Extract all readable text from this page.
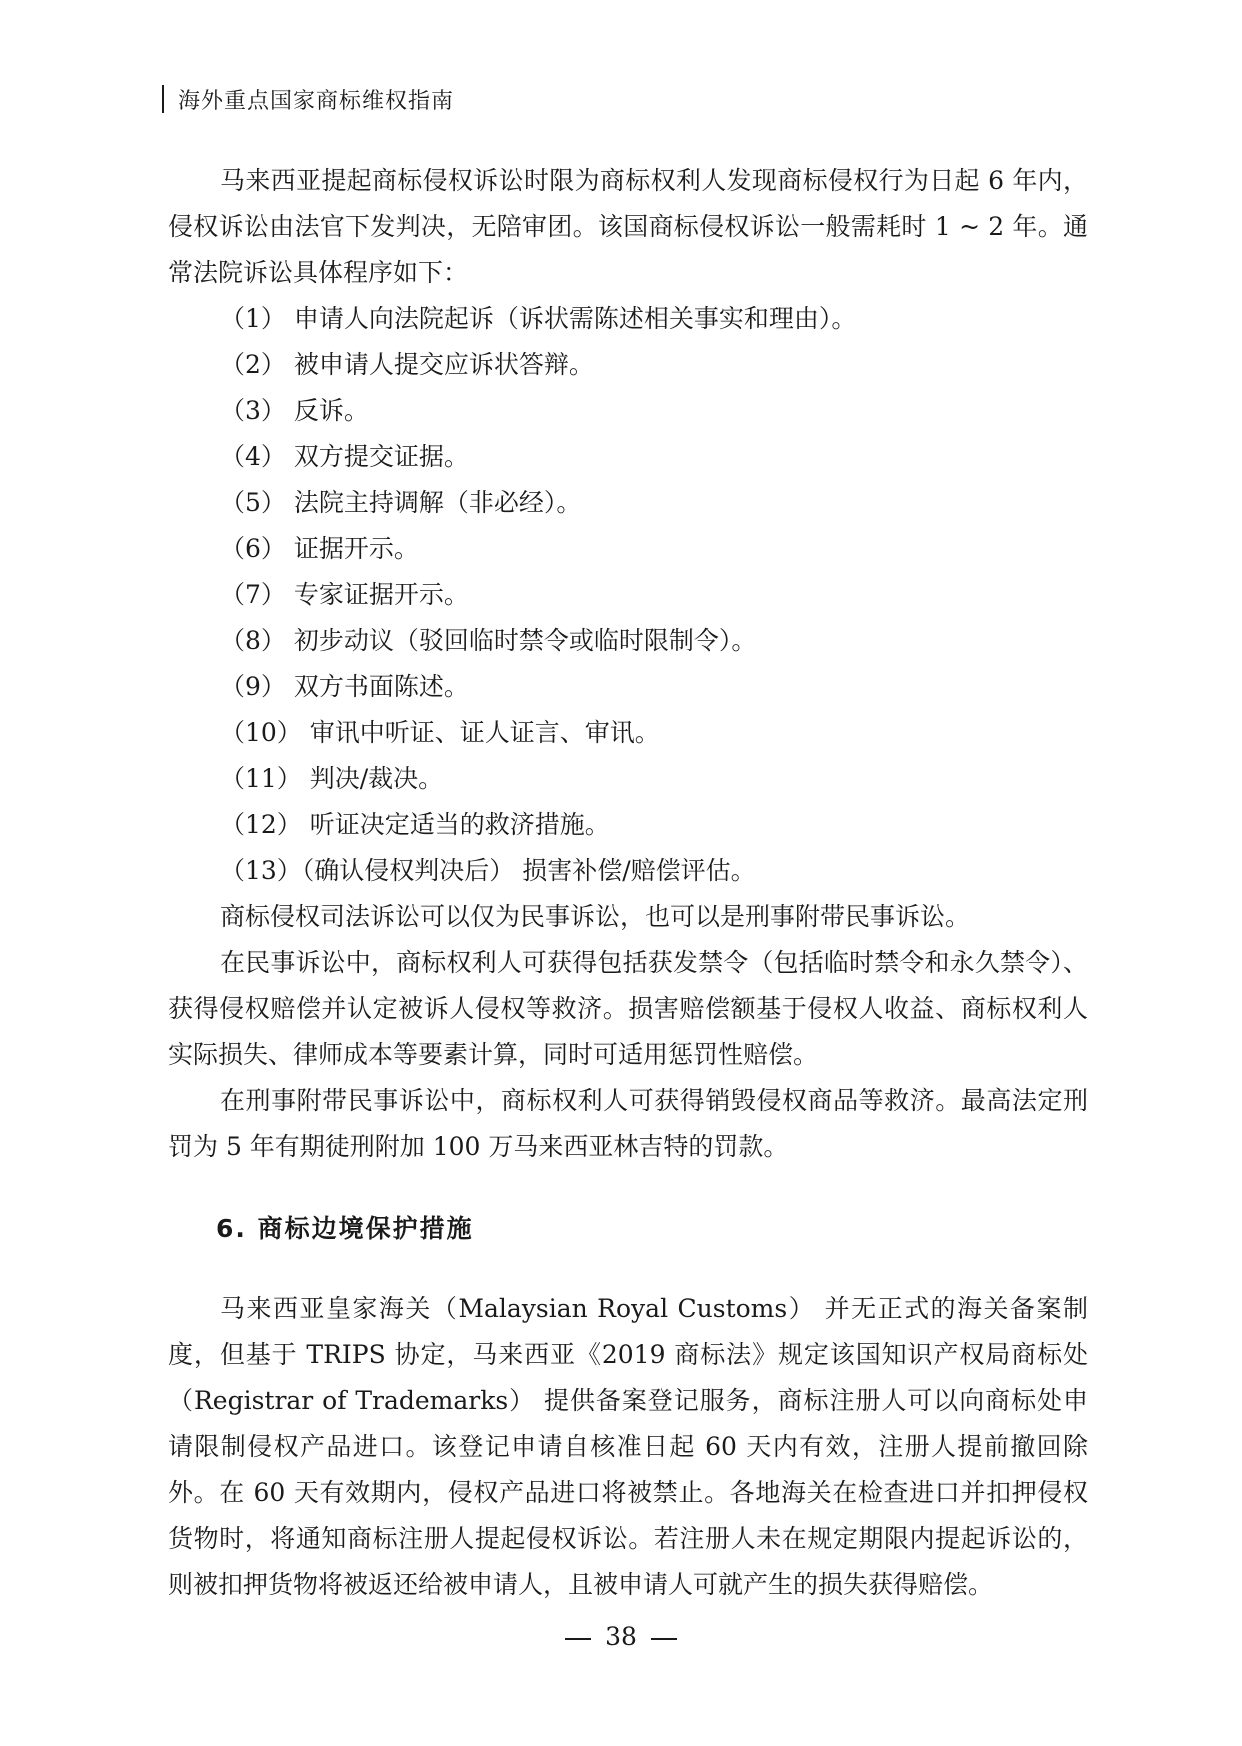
海外重点国家商标维权指南

马来西亚提起商标侵权诉讼时限为商标权利人发现商标侵权行为日起 6 年内，侵权诉讼由法官下发判决，无陪审团。该国商标侵权诉讼一般需耗时 1 ~ 2 年。通常法院诉讼具体程序如下：

（1） 申请人向法院起诉（诉状需陈述相关事实和理由）。

（2） 被申请人提交应诉状答辩。

（3） 反诉。

（4） 双方提交证据。

（5） 法院主持调解（非必经）。

（6） 证据开示。

（7） 专家证据开示。

（8） 初步动议（驳回临时禁令或临时限制令）。

（9） 双方书面陈述。

（10） 审讯中听证、证人证言、审讯。

（11） 判决/裁决。

（12） 听证决定适当的救济措施。

（13）（确认侵权判决后） 损害补偿/赔偿评估。

商标侵权司法诉讼可以仅为民事诉讼，也可以是刑事附带民事诉讼。

在民事诉讼中，商标权利人可获得包括获发禁令（包括临时禁令和永久禁令）、获得侵权赔偿并认定被诉人侵权等救济。损害赔偿额基于侵权人收益、商标权利人实际损失、律师成本等要素计算，同时可适用惩罚性赔偿。

在刑事附带民事诉讼中，商标权利人可获得销毁侵权商品等救济。最高法定刑罚为 5 年有期徒刑附加 100 万马来西亚林吉特的罚款。

6. 商标边境保护措施

马来西亚皇家海关（Malaysian Royal Customs） 并无正式的海关备案制度，但基于 TRIPS 协定，马来西亚《2019 商标法》规定该国知识产权局商标处（Registrar of Trademarks） 提供备案登记服务，商标注册人可以向商标处申请限制侵权产品进口。该登记申请自核准日起 60 天内有效，注册人提前撤回除外。在 60 天有效期内，侵权产品进口将被禁止。各地海关在检查进口并扣押侵权货物时，将通知商标注册人提起侵权诉讼。若注册人未在规定期限内提起诉讼的，则被扣押货物将被返还给被申请人，且被申请人可就产生的损失获得赔偿。

38
